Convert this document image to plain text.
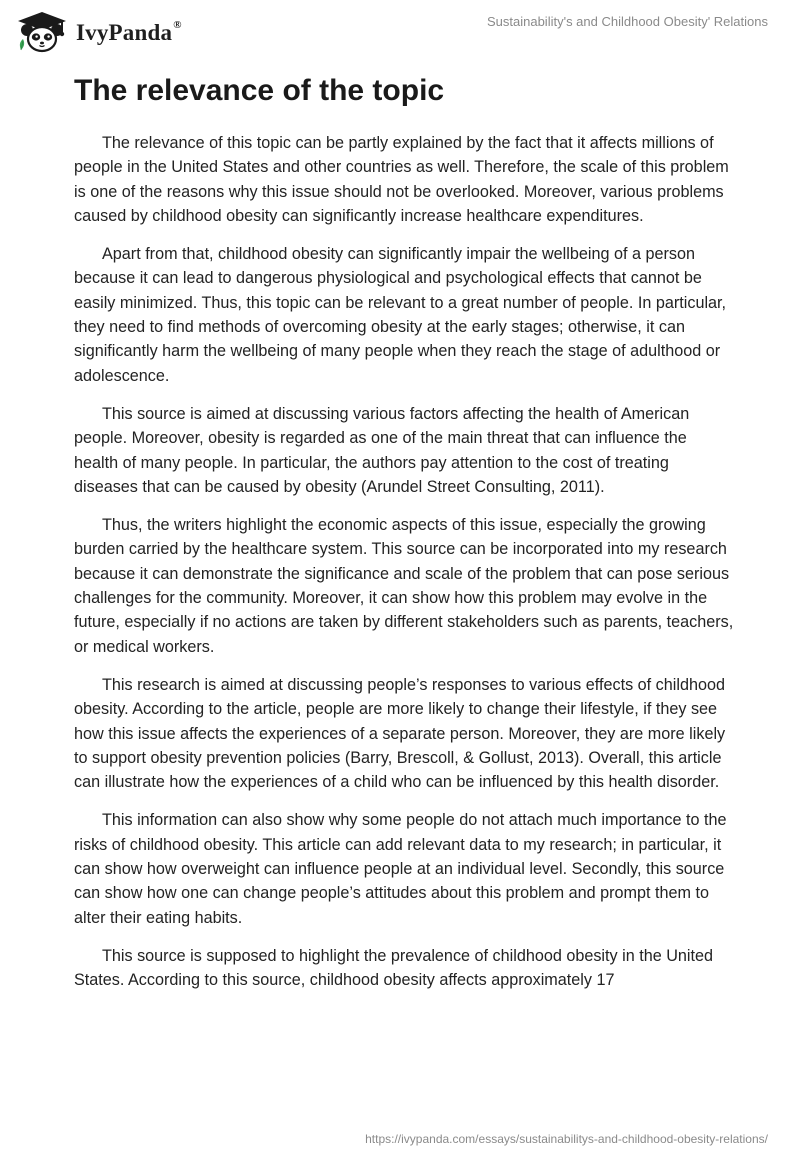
IvyPanda®	Sustainability's and Childhood Obesity' Relations
The relevance of the topic

The relevance of this topic can be partly explained by the fact that it affects millions of people in the United States and other countries as well. Therefore, the scale of this problem is one of the reasons why this issue should not be overlooked. Moreover, various problems caused by childhood obesity can significantly increase healthcare expenditures.

Apart from that, childhood obesity can significantly impair the wellbeing of a person because it can lead to dangerous physiological and psychological effects that cannot be easily minimized. Thus, this topic can be relevant to a great number of people. In particular, they need to find methods of overcoming obesity at the early stages; otherwise, it can significantly harm the wellbeing of many people when they reach the stage of adulthood or adolescence.

This source is aimed at discussing various factors affecting the health of American people. Moreover, obesity is regarded as one of the main threat that can influence the health of many people. In particular, the authors pay attention to the cost of treating diseases that can be caused by obesity (Arundel Street Consulting, 2011).

Thus, the writers highlight the economic aspects of this issue, especially the growing burden carried by the healthcare system. This source can be incorporated into my research because it can demonstrate the significance and scale of the problem that can pose serious challenges for the community. Moreover, it can show how this problem may evolve in the future, especially if no actions are taken by different stakeholders such as parents, teachers, or medical workers.

This research is aimed at discussing people’s responses to various effects of childhood obesity. According to the article, people are more likely to change their lifestyle, if they see how this issue affects the experiences of a separate person. Moreover, they are more likely to support obesity prevention policies (Barry, Brescoll, & Gollust, 2013). Overall, this article can illustrate how the experiences of a child who can be influenced by this health disorder.

This information can also show why some people do not attach much importance to the risks of childhood obesity. This article can add relevant data to my research; in particular, it can show how overweight can influence people at an individual level. Secondly, this source can show how one can change people’s attitudes about this problem and prompt them to alter their eating habits.

This source is supposed to highlight the prevalence of childhood obesity in the United States. According to this source, childhood obesity affects approximately 17

https://ivypanda.com/essays/sustainabilitys-and-childhood-obesity-relations/
